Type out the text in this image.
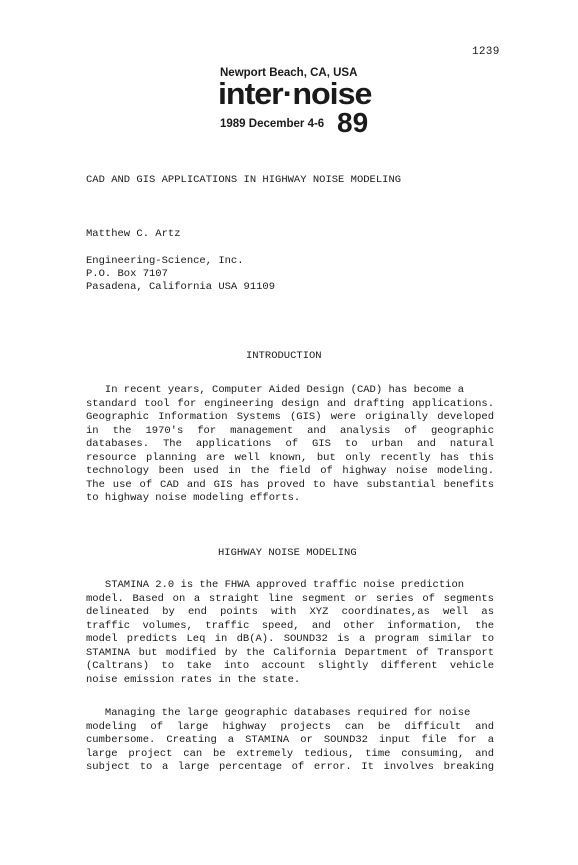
1239
Newport Beach, CA, USA
inter·noise
1989 December 4-6 89
CAD AND GIS APPLICATIONS IN HIGHWAY NOISE MODELING
Matthew C. Artz
Engineering-Science, Inc.
P.O. Box 7107
Pasadena, California USA 91109
INTRODUCTION
In recent years, Computer Aided Design (CAD) has become a
standard tool for engineering design and drafting applications.
Geographic Information Systems (GIS) were originally developed
in the 1970's for management and analysis of geographic
databases. The applications of GIS to urban and natural
resource planning are well known, but only recently has this
technology been used in the field of highway noise modeling.
The use of CAD and GIS has proved to have substantial benefits
to highway noise modeling efforts.
HIGHWAY NOISE MODELING
STAMINA 2.0 is the FHWA approved traffic noise prediction
model. Based on a straight line segment or series of segments
delineated by end points with XYZ coordinates,as well as
traffic volumes, traffic speed, and other information, the
model predicts Leq in dB(A). SOUND32 is a program similar to
STAMINA but modified by the California Department of Transport
(Caltrans) to take into account slightly different vehicle
noise emission rates in the state.
Managing the large geographic databases required for noise
modeling of large highway projects can be difficult and
cumbersome. Creating a STAMINA or SOUND32 input file for a
large project can be extremely tedious, time consuming, and
subject to a large percentage of error. It involves breaking
